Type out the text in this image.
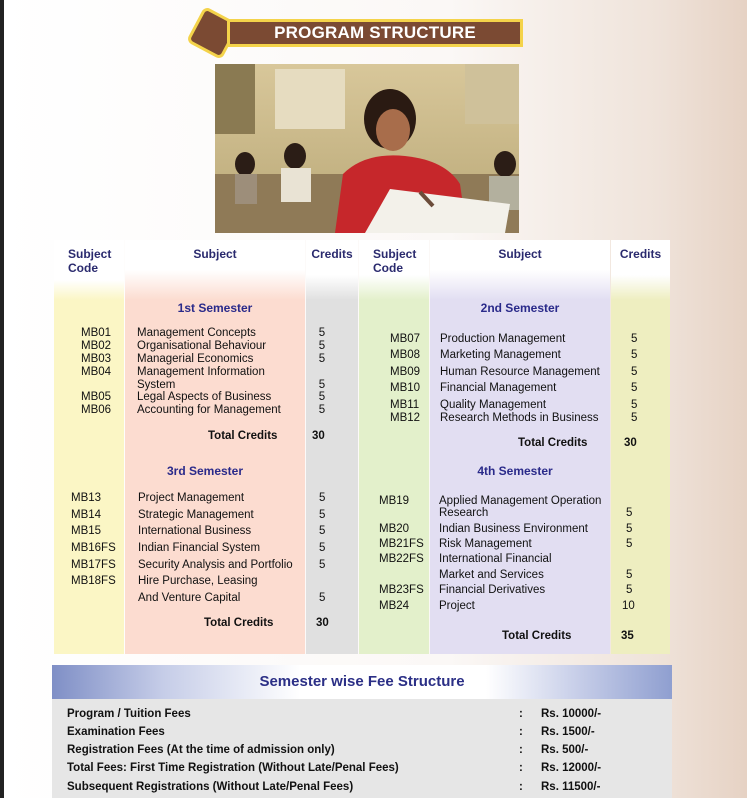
PROGRAM STRUCTURE
Subject Code
Subject	Credits	Subject Code
Subject	Credits
1st Semester
MB01 Management Concepts	5
MB02 Organisational Behaviour	5
MB03 Managerial Economics	5
MB04 Management Information
System	5
MB05 Legal Aspects of Business	5
MB06 Accounting for Management	5
Total Credits	30
2nd Semester
MB07 Production Management	5
MB08 Marketing Management	5
MB09 Human Resource Management	5
MB10 Financial Management	5
MB11 Quality Management	5
MB12 Research Methods in Business	5
Total Credits	30
3rd Semester
MB13	Project Management	5
MB14	Strategic Management	5
MB15	International Business	5
MB16FS Indian Financial System	5
MB17FS Security Analysis and Portfolio 5
MB18FS Hire Purchase, Leasing
And Venture Capital	5
Total Credits	30
4th Semester
MB19	Applied Management Operation
Research	5
MB20	Indian Business Environment	5
MB21FS Risk Management	5
MB22FS International Financial
Market and Services	5
MB23FS Financial Derivatives	5
MB24	Project	10
Total Credits	35
Semester wise Fee Structure
Program / Tuition Fees	: Rs. 10000/-
Examination Fees	: Rs. 1500/-
Registration Fees (At the time of admission only)	: Rs. 500/-
Total Fees: First Time Registration (Without Late/Penal Fees)	: Rs. 12000/-
Subsequent Registrations (Without Late/Penal Fees)	: Rs. 11500/-
